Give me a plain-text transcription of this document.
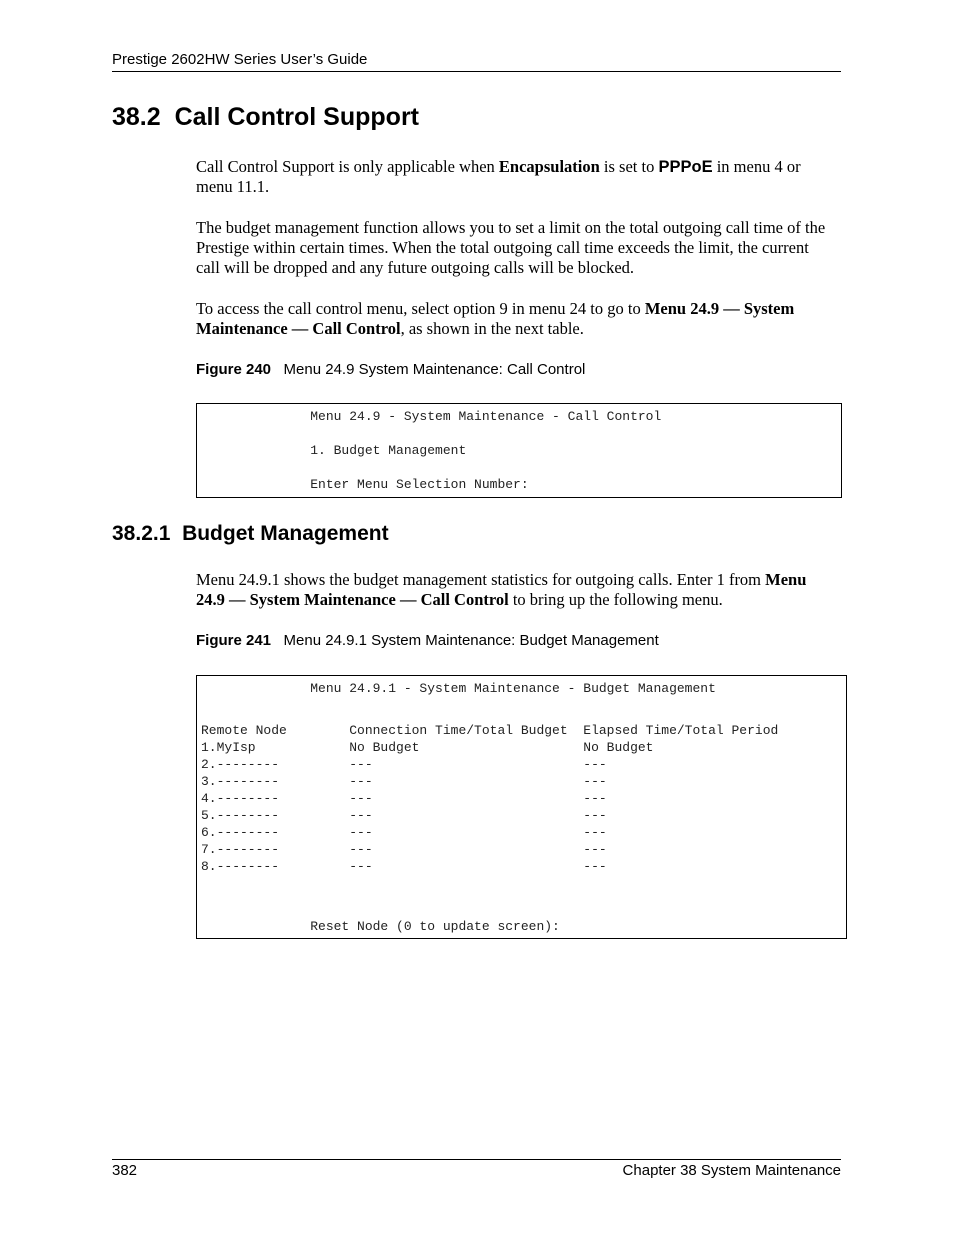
Prestige 2602HW Series User’s Guide
38.2 Call Control Support

Call Control Support is only applicable when Encapsulation is set to PPPoE in menu 4 or menu 11.1.

The budget management function allows you to set a limit on the total outgoing call time of the Prestige within certain times. When the total outgoing call time exceeds the limit, the current call will be dropped and any future outgoing calls will be blocked.

To access the call control menu, select option 9 in menu 24 to go to Menu 24.9 — System Maintenance — Call Control, as shown in the next table.

Figure 240 Menu 24.9 System Maintenance: Call Control
Menu 24.9 - System Maintenance - Call Control
1. Budget Management
Enter Menu Selection Number:
38.2.1 Budget Management

Menu 24.9.1 shows the budget management statistics for outgoing calls. Enter 1 from Menu 24.9 — System Maintenance — Call Control to bring up the following menu.

Figure 241 Menu 24.9.1 System Maintenance: Budget Management
Menu 24.9.1 - System Maintenance - Budget Management
Remote Node        Connection Time/Total Budget  Elapsed Time/Total Period
1.MyIsp            No Budget                     No Budget
2.--------         ---                           ---
3.--------         ---                           ---
4.--------         ---                           ---
5.--------         ---                           ---
6.--------         ---                           ---
7.--------         ---                           ---
8.--------         ---                           ---
Reset Node (0 to update screen):
382	Chapter 38 System Maintenance
